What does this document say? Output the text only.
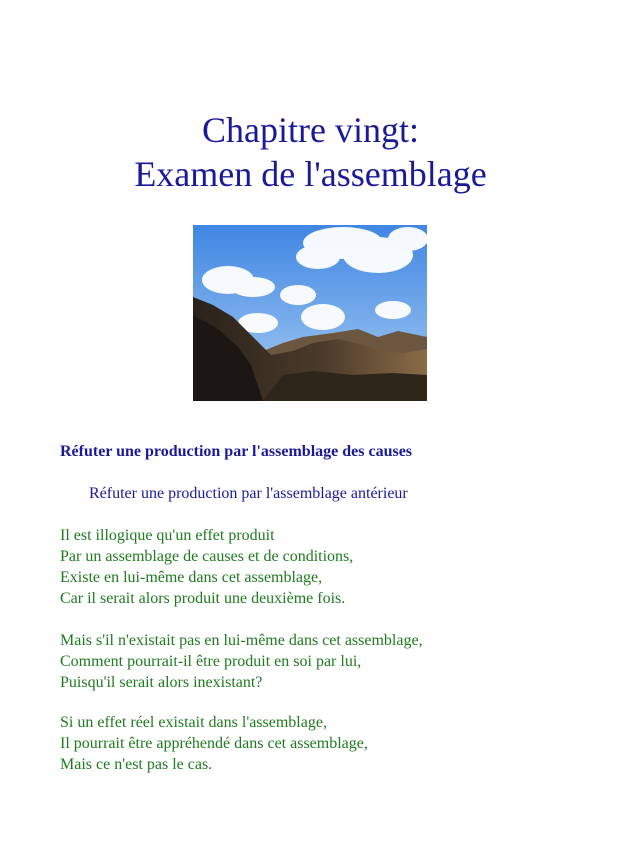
Chapitre vingt:
Examen de l'assemblage
Réfuter une production par l'assemblage des causes
Réfuter une production par l'assemblage antérieur
Il est illogique qu'un effet produit
Par un assemblage de causes et de conditions,
Existe en lui-même dans cet assemblage,
Car il serait alors produit une deuxième fois.
Mais s'il n'existait pas en lui-même dans cet assemblage,
Comment pourrait-il être produit en soi par lui,
Puisqu'il serait alors inexistant?
Si un effet réel existait dans l'assemblage,
Il pourrait être appréhendé dans cet assemblage,
Mais ce n'est pas le cas.
